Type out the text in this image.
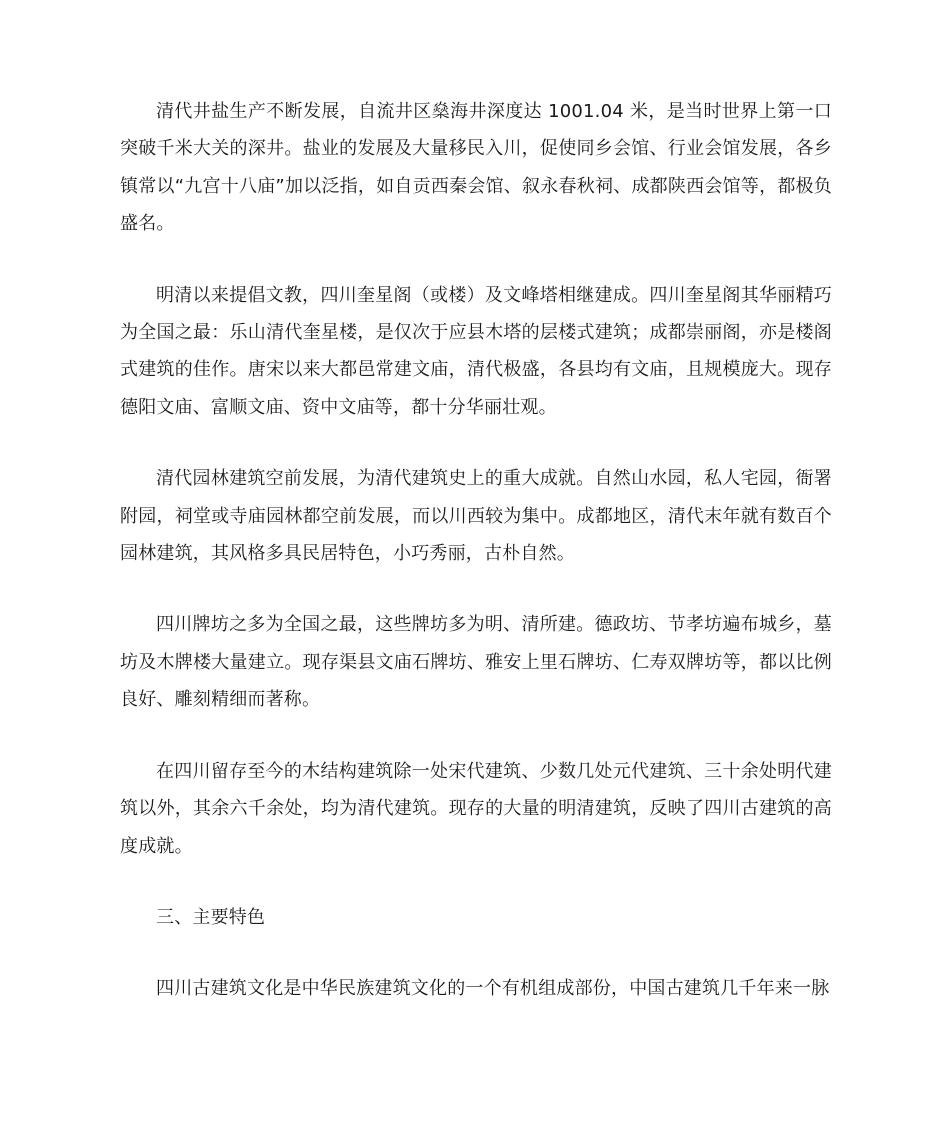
清代井盐生产不断发展，自流井区燊海井深度达 1001.04 米，是当时世界上第一口突破千米大关的深井。盐业的发展及大量移民入川，促使同乡会馆、行业会馆发展，各乡镇常以“九宫十八庙”加以泛指，如自贡西秦会馆、叙永春秋祠、成都陕西会馆等，都极负盛名。

明清以来提倡文教，四川奎星阁（或楼）及文峰塔相继建成。四川奎星阁其华丽精巧为全国之最：乐山清代奎星楼，是仅次于应县木塔的层楼式建筑；成都崇丽阁，亦是楼阁式建筑的佳作。唐宋以来大都邑常建文庙，清代极盛，各县均有文庙，且规模庞大。现存德阳文庙、富顺文庙、资中文庙等，都十分华丽壮观。

清代园林建筑空前发展，为清代建筑史上的重大成就。自然山水园，私人宅园，衙署附园，祠堂或寺庙园林都空前发展，而以川西较为集中。成都地区，清代末年就有数百个园林建筑，其风格多具民居特色，小巧秀丽，古朴自然。

四川牌坊之多为全国之最，这些牌坊多为明、清所建。德政坊、节孝坊遍布城乡，墓坊及木牌楼大量建立。现存渠县文庙石牌坊、雅安上里石牌坊、仁寿双牌坊等，都以比例良好、雕刻精细而著称。

在四川留存至今的木结构建筑除一处宋代建筑、少数几处元代建筑、三十余处明代建筑以外，其余六千余处，均为清代建筑。现存的大量的明清建筑，反映了四川古建筑的高度成就。

三、主要特色

四川古建筑文化是中华民族建筑文化的一个有机组成部份，中国古建筑几千年来一脉
